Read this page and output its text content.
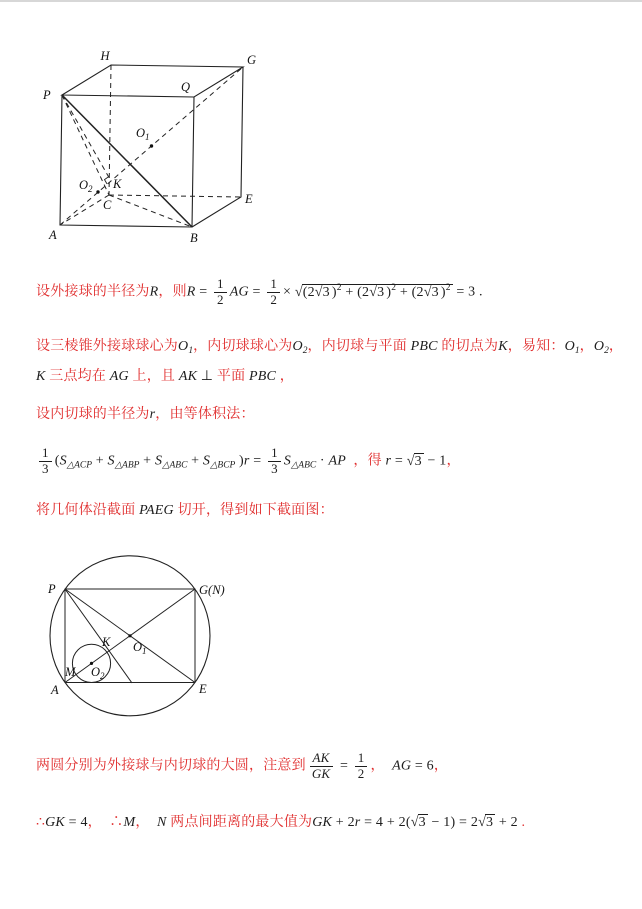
H	G
P
Q
E
A	B
C
$O_1$
$O_2$ K
设外接球的半径为R，则$R = \frac{1}{2}$ AG = $\frac{1}{2} \times √(2√3$ )$^2$ + (2√3 )$^2$ + (2√3 )$^2$ = 3 .
设三棱锥外接球球心为$O_1$，内切球球心为$O_2$，内切球与平面 PBC 的切点为K，易知：$O_1$，$O_2$，
K 三点均在 AG 上，且 AK ⊥ 平面 PBC ，
设内切球的半径为r，由等体积法：
$\frac{1}{3} (S_{\triangle ACP} + S_{\triangle ABP} + S_{\triangle ABC} + S_{\triangle BCP}$ )$r = \frac{1}{3} S_{\triangle ABC}$ · AP  ，得 r = √3 − 1，
将几何体沿截面 PAEG 切开，得到如下截面图：
P	G(N)
A	E
K
M
$O_1$
$O_2$
两圆分别为外接球与内切球的大圆，注意到 $\frac{AK}{GK} = \frac{1}{2}$ ， AG = 6，
∴GK = 4，  ∴M， N 两点间距离的最大值为GK + 2r = 4 + 2(√3 − 1) = 2√3 + 2 .
